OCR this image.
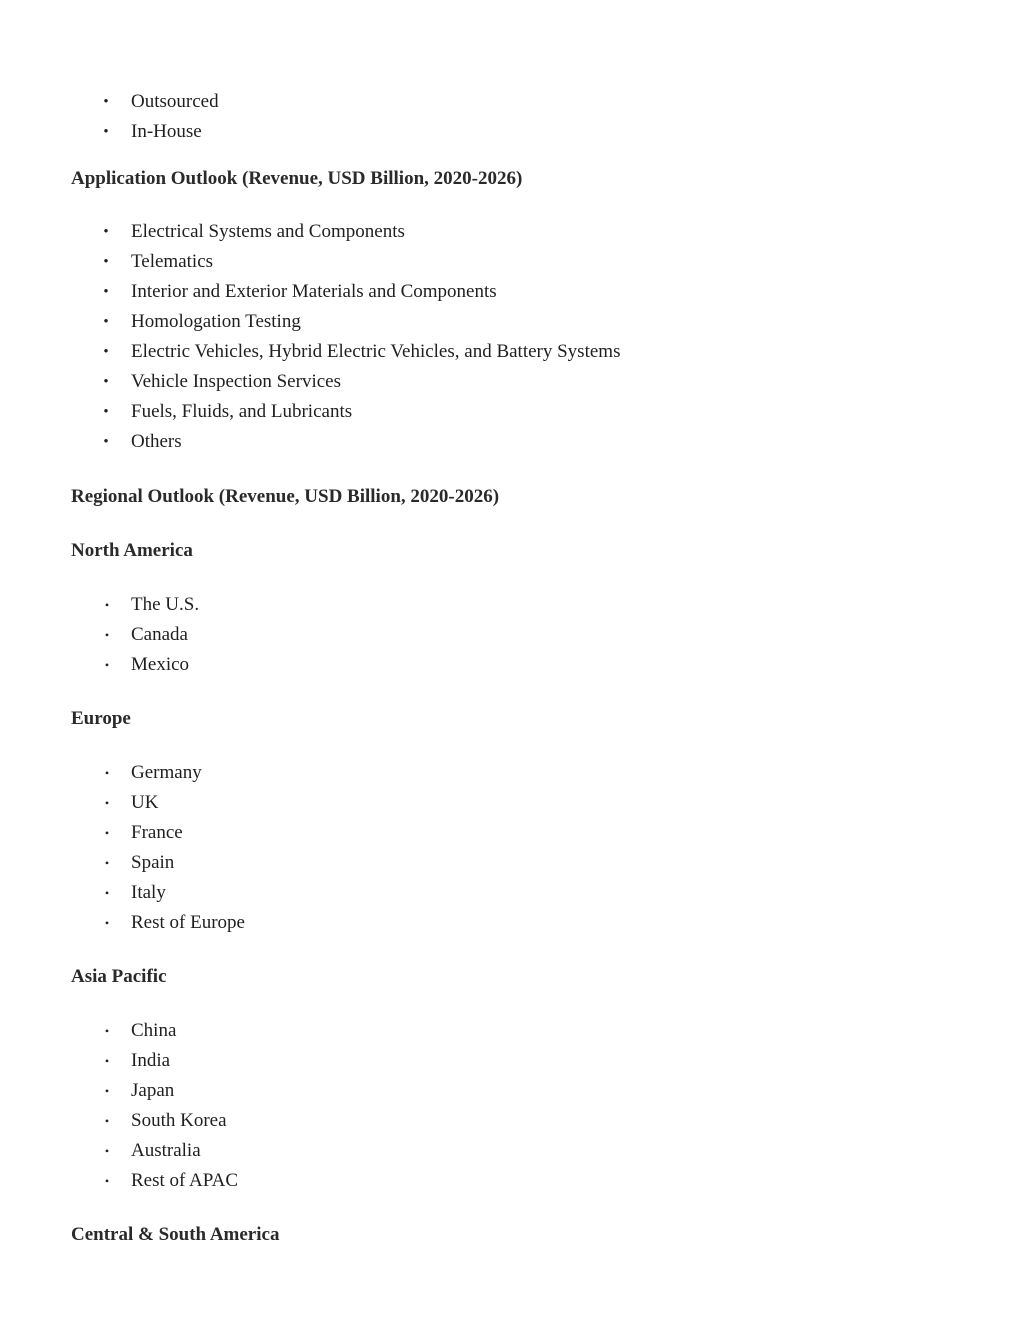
• Outsourced
• In-House
Application Outlook (Revenue, USD Billion, 2020-2026)
• Electrical Systems and Components
• Telematics
• Interior and Exterior Materials and Components
• Homologation Testing
• Electric Vehicles, Hybrid Electric Vehicles, and Battery Systems
• Vehicle Inspection Services
• Fuels, Fluids, and Lubricants
• Others
Regional Outlook (Revenue, USD Billion, 2020-2026)
North America
• The U.S.
• Canada
• Mexico
Europe
• Germany
• UK
• France
• Spain
• Italy
• Rest of Europe
Asia Pacific
• China
• India
• Japan
• South Korea
• Australia
• Rest of APAC
Central & South America
